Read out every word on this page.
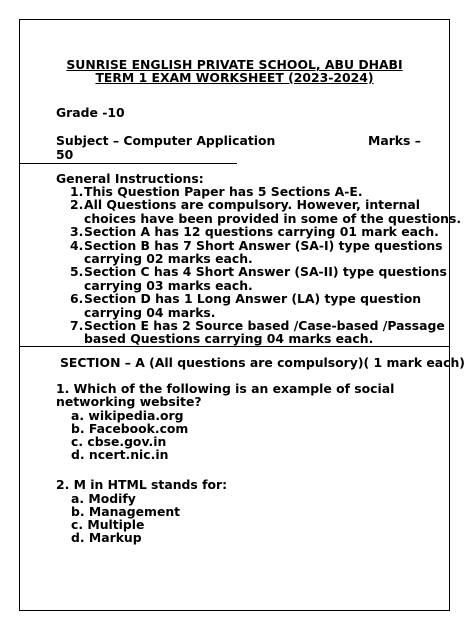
SUNRISE ENGLISH PRIVATE SCHOOL, ABU DHABI
TERM 1 EXAM WORKSHEET (2023-2024)
Grade -10
Subject – Computer Application	Marks –
50
General Instructions:
1. This Question Paper has 5 Sections A-E.
2. All Questions are compulsory. However, internal
choices have been provided in some of the questions.
3. Section A has 12 questions carrying 01 mark each.
4. Section B has 7 Short Answer (SA-I) type questions
carrying 02 marks each.
5. Section C has 4 Short Answer (SA-II) type questions
carrying 03 marks each.
6. Section D has 1 Long Answer (LA) type question
carrying 04 marks.
7. Section E has 2 Source based /Case-based /Passage
based Questions carrying 04 marks each.
SECTION – A (All questions are compulsory)( 1 mark each)
1. Which of the following is an example of social
networking website?
a. wikipedia.org
b. Facebook.com
c. cbse.gov.in
d. ncert.nic.in
2. M in HTML stands for:
a. Modify
b. Management
c. Multiple
d. Markup
